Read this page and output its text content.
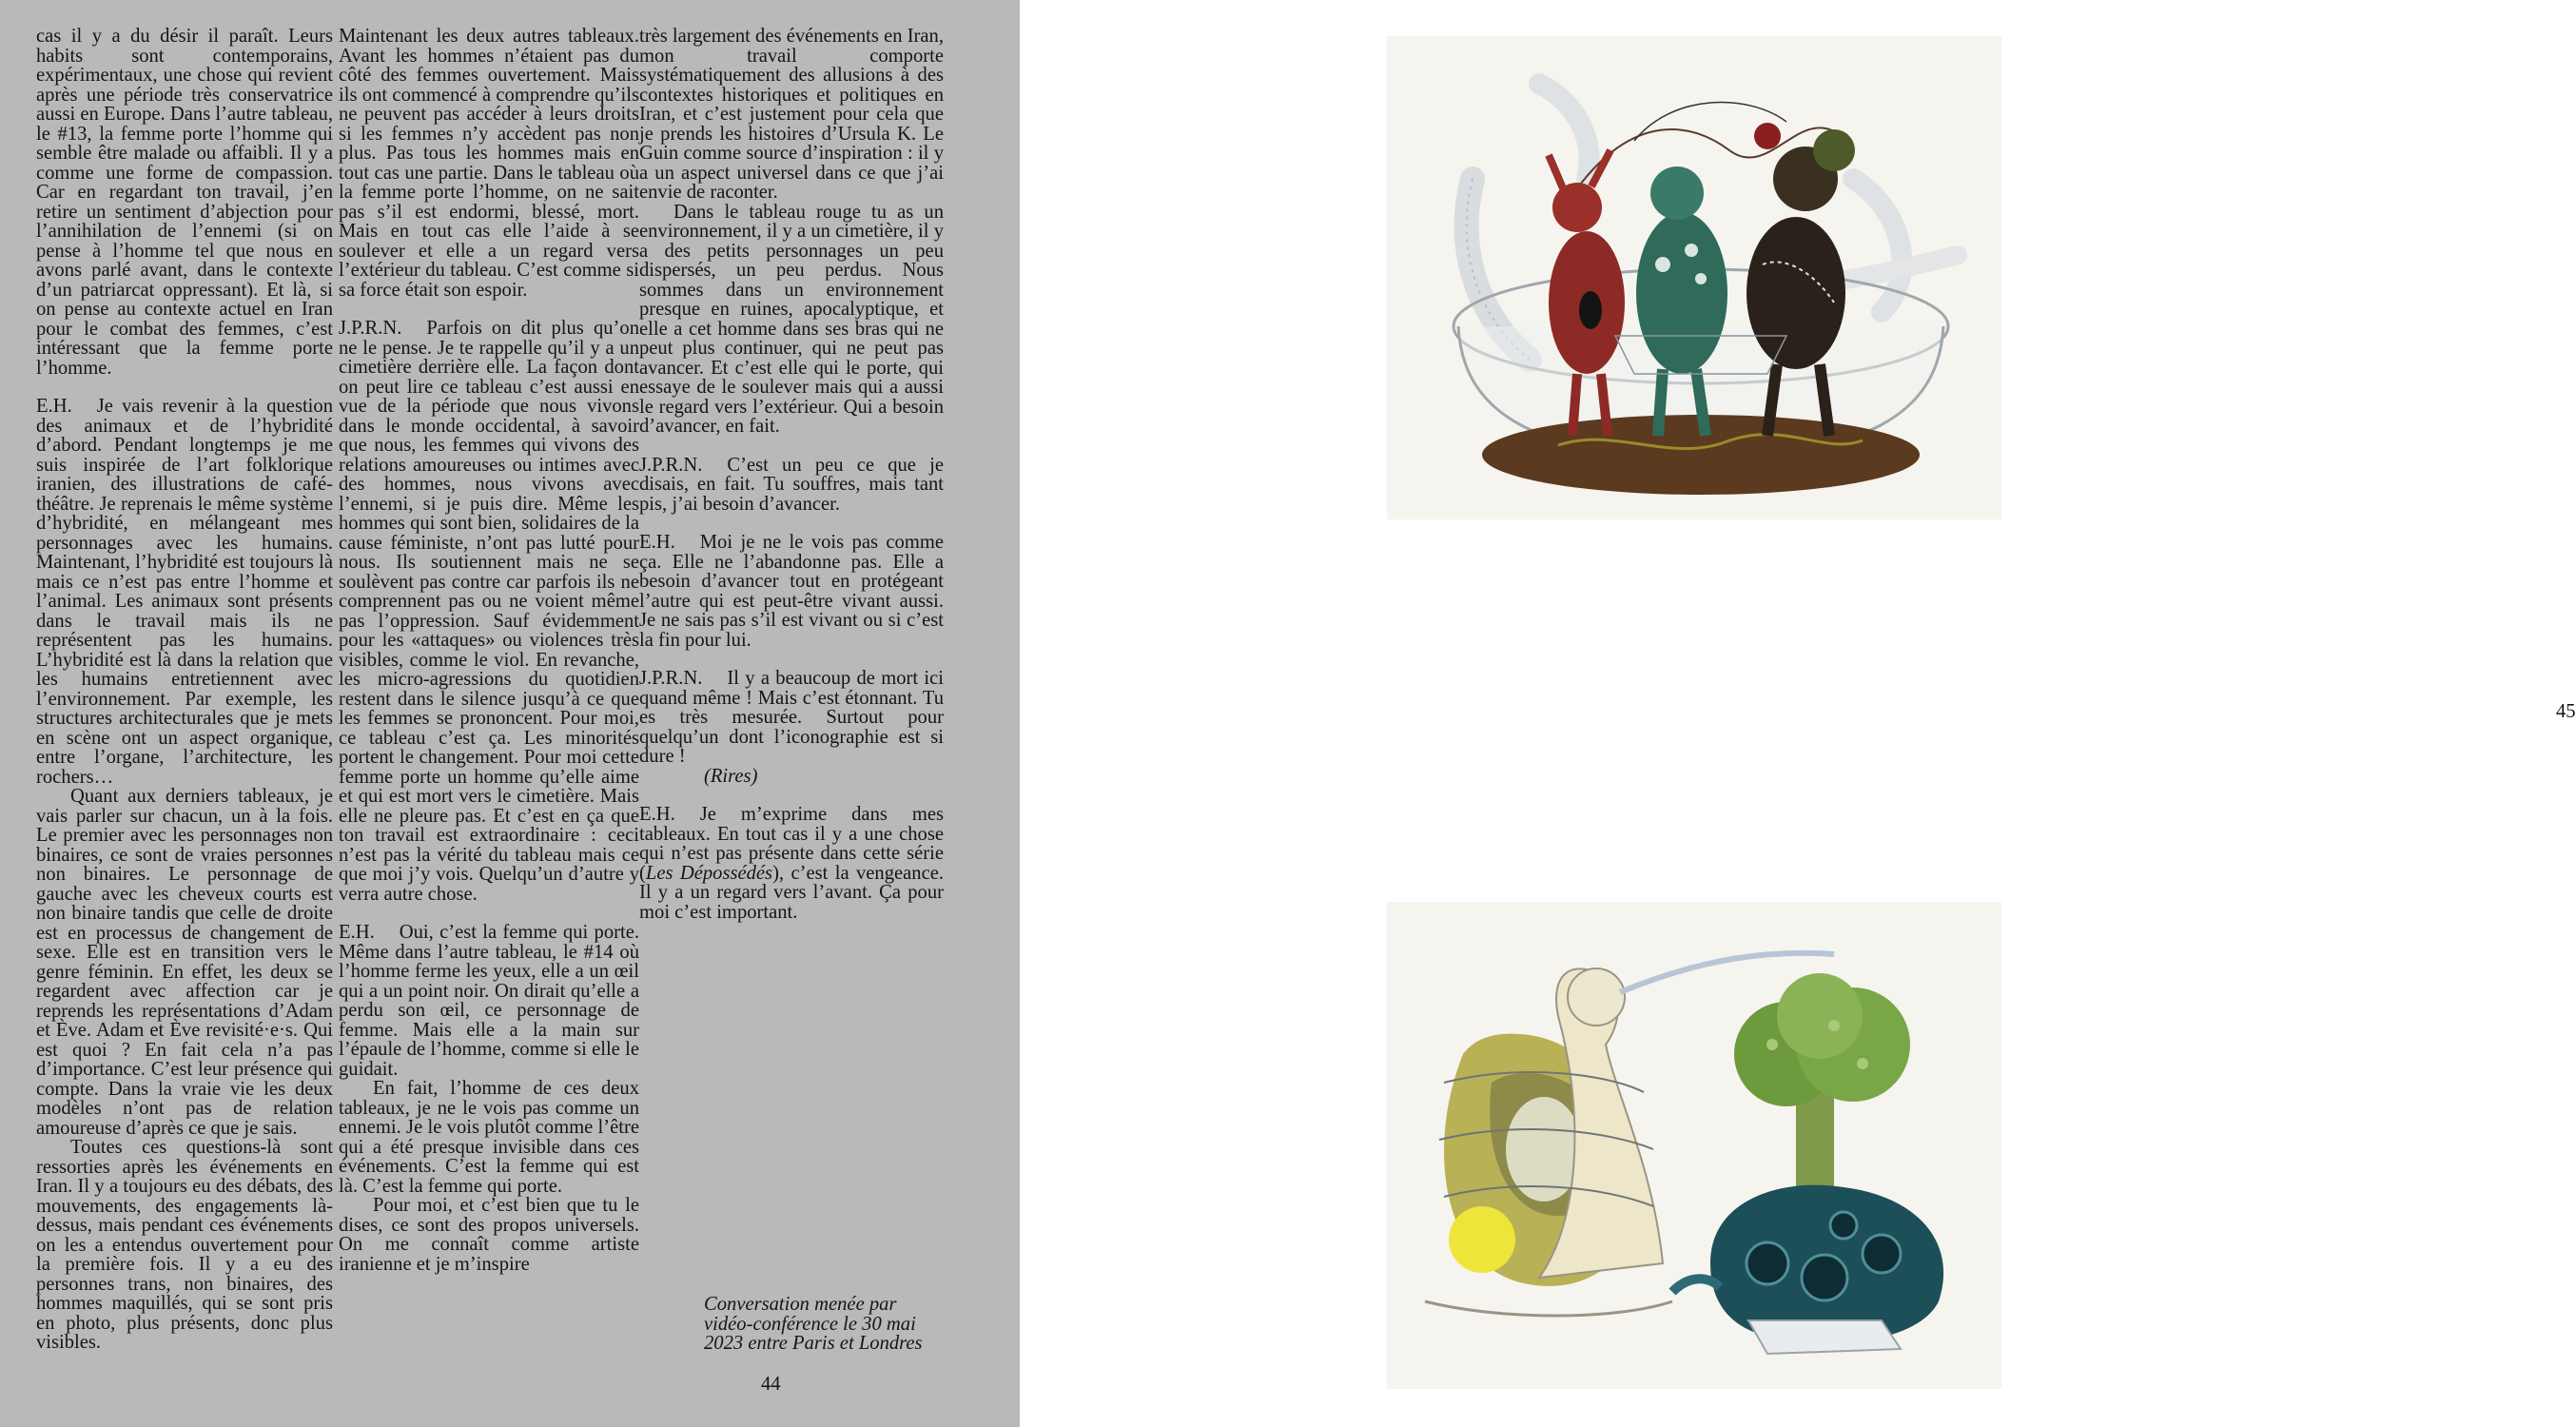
cas il y a du désir il paraît. Leurs habits sont contemporains, expérimentaux, une chose qui revient après une période très conservatrice aussi en Europe. Dans l’autre tableau, le #13, la femme porte l’homme qui semble être malade ou affaibli. Il y a comme une forme de compassion. Car en regardant ton travail, j’en retire un sentiment d’abjection pour l’annihilation de l’ennemi (si on pense à l’homme tel que nous en avons parlé avant, dans le contexte d’un patriarcat oppressant). Et là, si on pense au contexte actuel en Iran pour le combat des femmes, c’est intéressant que la femme porte l’homme.

E.H. Je vais revenir à la question des animaux et de l’hybridité d’abord. Pendant longtemps je me suis inspirée de l’art folklorique iranien, des illustrations de café-théâtre. Je reprenais le même système d’hybridité, en mélangeant mes personnages avec les humains. Maintenant, l’hybridité est toujours là mais ce n’est pas entre l’homme et l’animal. Les animaux sont présents dans le travail mais ils ne représentent pas les humains. L’hybridité est là dans la relation que les humains entretiennent avec l’environnement. Par exemple, les structures architecturales que je mets en scène ont un aspect organique, entre l’organe, l’architecture, les rochers…

Quant aux derniers tableaux, je vais parler sur chacun, un à la fois. Le premier avec les personnages non binaires, ce sont de vraies personnes non binaires. Le personnage de gauche avec les cheveux courts est non binaire tandis que celle de droite est en processus de changement de sexe. Elle est en transition vers le genre féminin. En effet, les deux se regardent avec affection car je reprends les représentations d’Adam et Ève. Adam et Ève revisité·e·s. Qui est quoi ? En fait cela n’a pas d’importance. C’est leur présence qui compte. Dans la vraie vie les deux modèles n’ont pas de relation amoureuse d’après ce que je sais.

Toutes ces questions-là sont ressorties après les événements en Iran. Il y a toujours eu des débats, des mouvements, des engagements là-dessus, mais pendant ces événements on les a entendus ouvertement pour la première fois. Il y a eu des personnes trans, non binaires, des hommes maquillés, qui se sont pris en photo, plus présents, donc plus visibles.

Maintenant les deux autres tableaux. Avant les hommes n’étaient pas du côté des femmes ouvertement. Mais ils ont commencé à comprendre qu’ils ne peuvent pas accéder à leurs droits si les femmes n’y accèdent pas non plus. Pas tous les hommes mais en tout cas une partie. Dans le tableau où la femme porte l’homme, on ne sait pas s’il est endormi, blessé, mort. Mais en tout cas elle l’aide à se soulever et elle a un regard vers l’extérieur du tableau. C’est comme si sa force était son espoir.

J.P.R.N. Parfois on dit plus qu’on ne le pense. Je te rappelle qu’il y a un cimetière derrière elle. La façon dont on peut lire ce tableau c’est aussi en vue de la période que nous vivons dans le monde occidental, à savoir que nous, les femmes qui vivons des relations amoureuses ou intimes avec des hommes, nous vivons avec l’ennemi, si je puis dire. Même les hommes qui sont bien, solidaires de la cause féministe, n’ont pas lutté pour nous. Ils soutiennent mais ne se soulèvent pas contre car parfois ils ne comprennent pas ou ne voient même pas l’oppression. Sauf évidemment pour les «attaques» ou violences très visibles, comme le viol. En revanche, les micro-agressions du quotidien restent dans le silence jusqu’à ce que les femmes se prononcent. Pour moi, ce tableau c’est ça. Les minorités portent le changement. Pour moi cette femme porte un homme qu’elle aime et qui est mort vers le cimetière. Mais elle ne pleure pas. Et c’est en ça que ton travail est extraordinaire : ceci n’est pas la vérité du tableau mais ce que moi j’y vois. Quelqu’un d’autre y verra autre chose.

E.H. Oui, c’est la femme qui porte. Même dans l’autre tableau, le #14 où l’homme ferme les yeux, elle a un œil qui a un point noir. On dirait qu’elle a perdu son œil, ce personnage de femme. Mais elle a la main sur l’épaule de l’homme, comme si elle le guidait.

En fait, l’homme de ces deux tableaux, je ne le vois pas comme un ennemi. Je le vois plutôt comme l’être qui a été presque invisible dans ces événements. C’est la femme qui est là. C’est la femme qui porte.

Pour moi, et c’est bien que tu le dises, ce sont des propos universels. On me connaît comme artiste iranienne et je m’inspire

très largement des événements en Iran, mon travail comporte systématiquement des allusions à des contextes historiques et politiques en Iran, et c’est justement pour cela que je prends les histoires d’Ursula K. Le Guin comme source d’inspiration : il y a un aspect universel dans ce que j’ai envie de raconter.

Dans le tableau rouge tu as un environnement, il y a un cimetière, il y a des petits personnages un peu dispersés, un peu perdus. Nous sommes dans un environnement presque en ruines, apocalyptique, et elle a cet homme dans ses bras qui ne peut plus continuer, qui ne peut pas avancer. Et c’est elle qui le porte, qui essaye de le soulever mais qui a aussi le regard vers l’extérieur. Qui a besoin d’avancer, en fait.

J.P.R.N. C’est un peu ce que je disais, en fait. Tu souffres, mais tant pis, j’ai besoin d’avancer.

E.H. Moi je ne le vois pas comme ça. Elle ne l’abandonne pas. Elle a besoin d’avancer tout en protégeant l’autre qui est peut-être vivant aussi. Je ne sais pas s’il est vivant ou si c’est la fin pour lui.

J.P.R.N. Il y a beaucoup de mort ici quand même ! Mais c’est étonnant. Tu es très mesurée. Surtout pour quelqu’un dont l’iconographie est si dure !
(Rires)

E.H. Je m’exprime dans mes tableaux. En tout cas il y a une chose qui n’est pas présente dans cette série (Les Dépossédés), c’est la vengeance. Il y a un regard vers l’avant. Ça pour moi c’est important.

Conversation menée par vidéo-conférence le 30 mai 2023 entre Paris et Londres
44
45
